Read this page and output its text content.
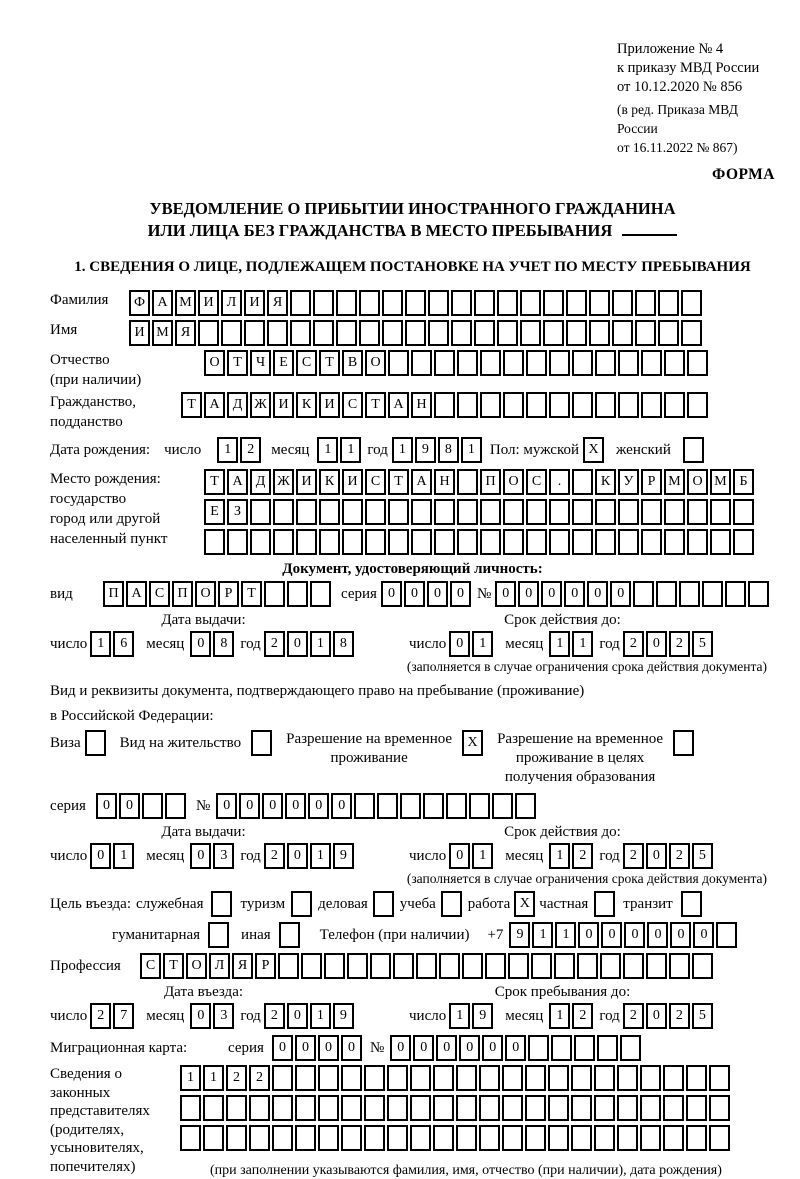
Приложение № 4
к приказу МВД России
от 10.12.2020 № 856
(в ред. Приказа МВД России
от 16.11.2022 № 867)
ФОРМА
УВЕДОМЛЕНИЕ О ПРИБЫТИИ ИНОСТРАННОГО ГРАЖДАНИНА
ИЛИ ЛИЦА БЕЗ ГРАЖДАНСТВА В МЕСТО ПРЕБЫВАНИЯ
1. СВЕДЕНИЯ О ЛИЦЕ, ПОДЛЕЖАЩЕМ ПОСТАНОВКЕ НА УЧЕТ ПО МЕСТУ ПРЕБЫВАНИЯ
Фамилия	Ф А М И Л И Я
Имя	И М Я
Отчество
(при наличии)
О Т	Ч	Е	С	Т	В О
Гражданство,
подданство
Т А Д Ж И К И С	Т А Н
Дата рождения: число	1	2	месяц	1	1 год 1	9	8	1	Пол: мужской X	женский
Место рождения:
государство
город или другой
населенный пункт
Т А Д Ж И К И С	Т А Н	П О С	.	К У	Р М О М Б
Е	З
Документ, удостоверяющий личность:
вид	П А С П О	Р	Т	серия 0	0	0	0 № 0	0	0	0	0	0
Дата выдачи:	Срок действия до:
число 1	6	месяц 0	8 год 2	0	1	8	число 0	1	месяц 1	1 год 2	0	2	5
(заполняется в случае ограничения срока действия документа)
Вид и реквизиты документа, подтверждающего право на пребывание (проживание)
в Российской Федерации:
Виза	Вид на жительство	Разрешение на временное
проживание
X	Разрешение на временное
проживание в целях
получения образования
серия	0	0	№ 0	0	0	0	0	0
Дата выдачи:	Срок действия до:
число 0	1	месяц 0	3 год 2	0	1	9	число 0	1	месяц 1	2 год 2	0	2	5
(заполняется в случае ограничения срока действия документа)
Цель въезда: служебная туризм деловая учеба работа X частная транзит
гуманитарная	иная	Телефон (при наличии) +7 9	1	1	0	0	0	0	0	0
Профессия	С	Т О Л Я	Р
Дата въезда:	Срок пребывания до:
число 2	7	месяц 0	3 год 2	0	1	9	число 1	9	месяц 1	2 год 2	0	2	5
Миграционная карта:	серия	0	0	0	0	№ 0	0	0	0	0	0
Сведения о
законных
представителях
(родителях,
усыновителях,
попечителях)
1	1	2	2
(при заполнении указываются фамилия, имя, отчество (при наличии), дата рождения)
